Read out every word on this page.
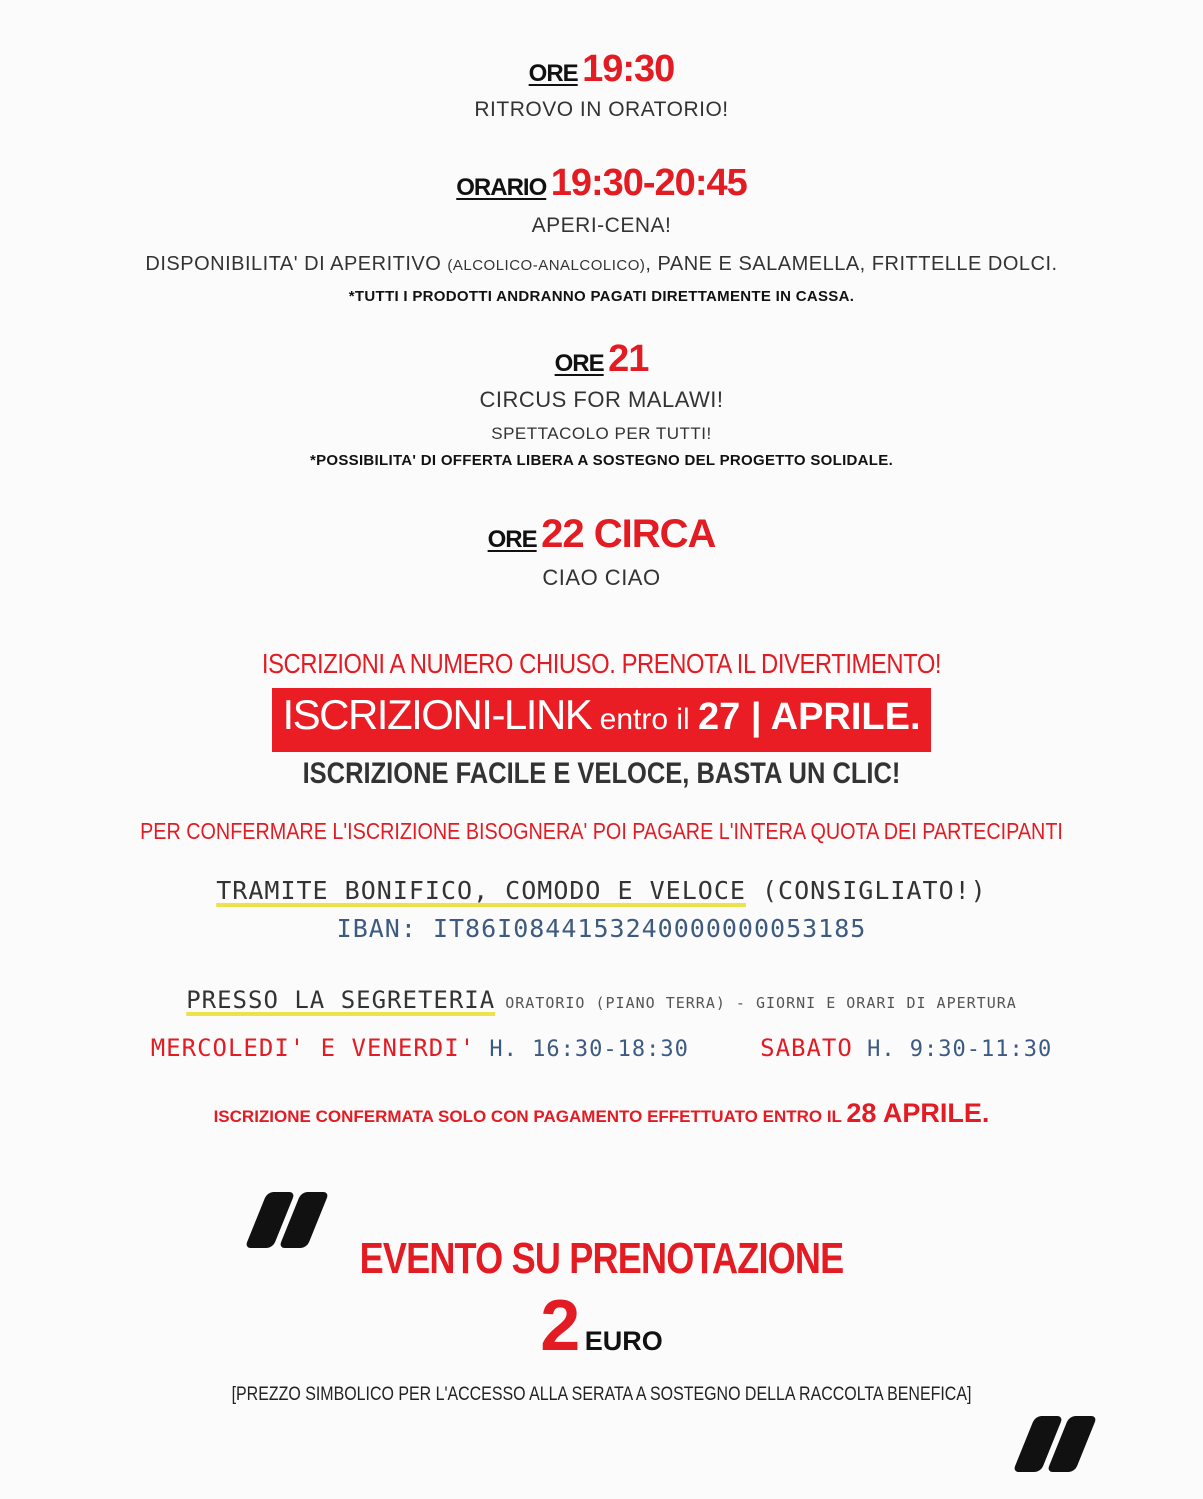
ORE 19:30
RITROVO IN ORATORIO!
ORARIO 19:30-20:45
APERI-CENA!
DISPONIBILITA' DI APERITIVO (ALCOLICO-ANALCOLICO), PANE E SALAMELLA, FRITTELLE DOLCI.
*TUTTI I PRODOTTI ANDRANNO PAGATI DIRETTAMENTE IN CASSA.
ORE 21
CIRCUS FOR MALAWI!
SPETTACOLO PER TUTTI!
*POSSIBILITA' DI OFFERTA LIBERA A SOSTEGNO DEL PROGETTO SOLIDALE.
ORE 22 CIRCA
CIAO CIAO
ISCRIZIONI A NUMERO CHIUSO. PRENOTA IL DIVERTIMENTO!
ISCRIZIONI-LINK entro il 27 | APRILE.
ISCRIZIONE FACILE E VELOCE, BASTA UN CLIC!
PER CONFERMARE L'ISCRIZIONE BISOGNERA' POI PAGARE L'INTERA QUOTA DEI PARTECIPANTI
TRAMITE BONIFICO, COMODO E VELOCE (CONSIGLIATO!)
IBAN: IT86I0844153240000000053185
PRESSO LA SEGRETERIA ORATORIO (PIANO TERRA) - GIORNI E ORARI DI APERTURA
MERCOLEDI' E VENERDI' H. 16:30-18:30	SABATO H. 9:30-11:30
ISCRIZIONE CONFERMATA SOLO CON PAGAMENTO EFFETTUATO ENTRO IL 28 APRILE.
EVENTO SU PRENOTAZIONE
2 EURO
[PREZZO SIMBOLICO PER L'ACCESSO ALLA SERATA A SOSTEGNO DELLA RACCOLTA BENEFICA]
